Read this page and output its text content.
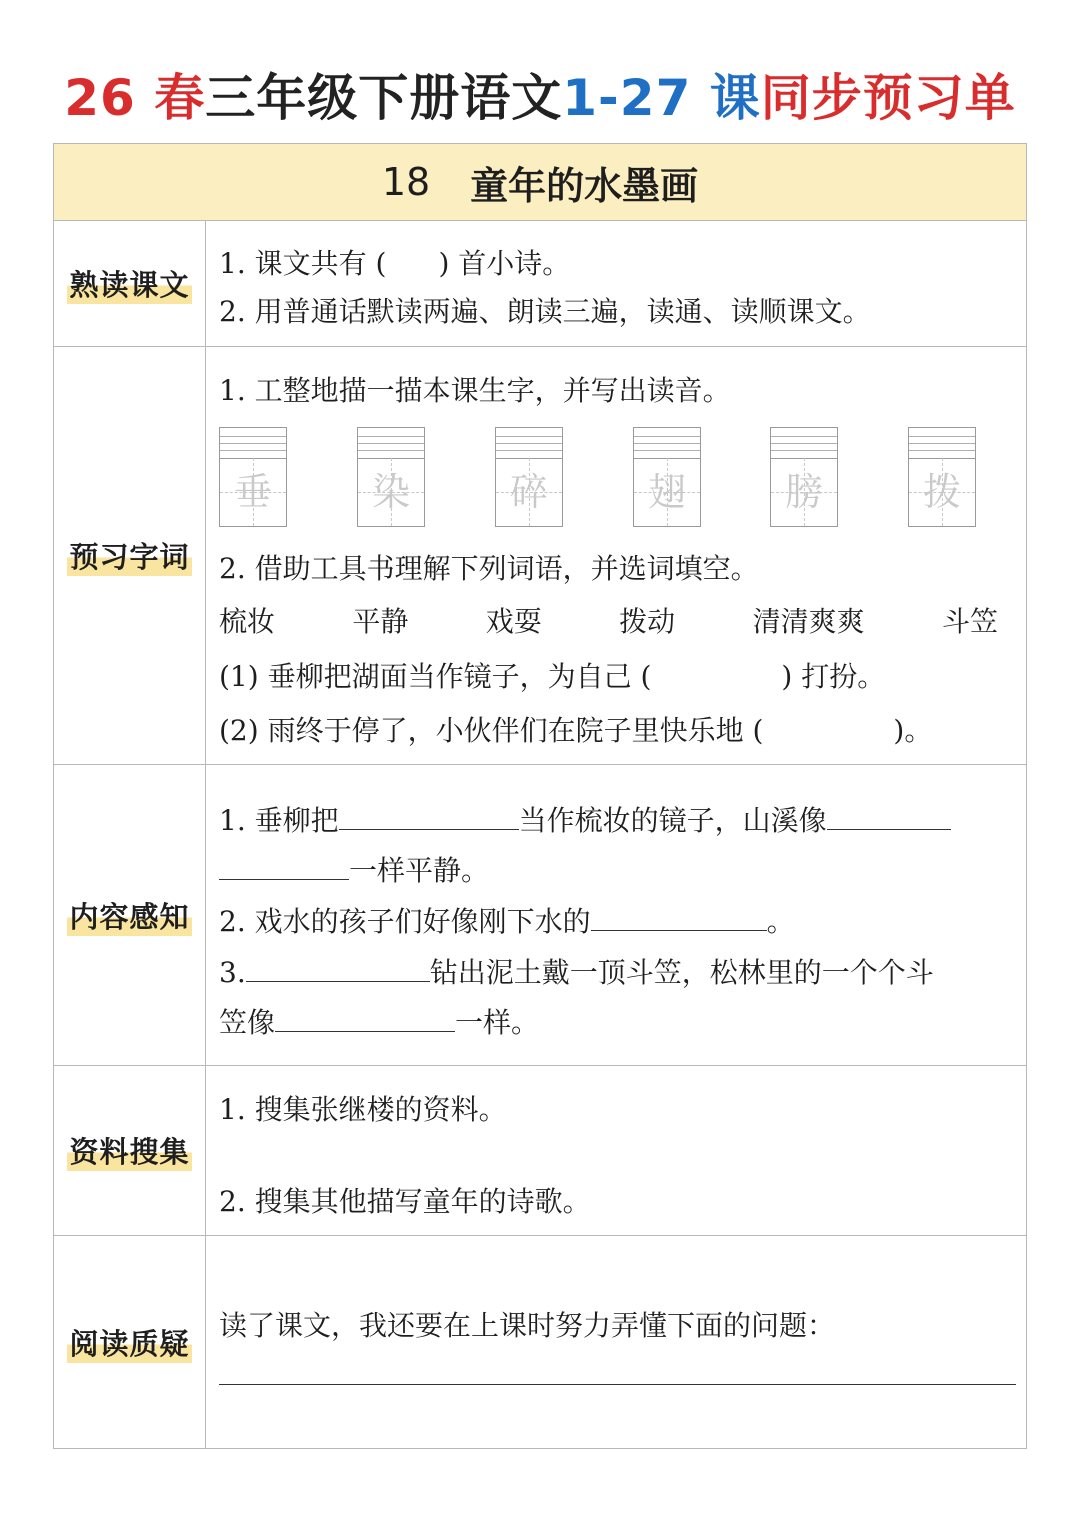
26 春三年级下册语文1-27 课同步预习单
18 童年的水墨画
熟读课文
1. 课文共有 ( ) 首小诗。
2. 用普通话默读两遍、朗读三遍，读通、读顺课文。
预习字词
1. 工整地描一描本课生字，并写出读音。
垂	染	碎	翅	膀	拨
2. 借助工具书理解下列词语，并选词填空。
梳妆	平静	戏耍	拨动	清清爽爽	斗笠
(1) 垂柳把湖面当作镜子，为自己 (	) 打扮。
(2) 雨终于停了，小伙伴们在院子里快乐地 (	)。
内容感知
1. 垂柳把	当作梳妆的镜子，山溪像
一样平静。
2. 戏水的孩子们好像刚下水的	。
3.	钻出泥土戴一顶斗笠，松林里的一个个斗
笠像	一样。
资料搜集
1. 搜集张继楼的资料。
2. 搜集其他描写童年的诗歌。
阅读质疑
读了课文，我还要在上课时努力弄懂下面的问题：
